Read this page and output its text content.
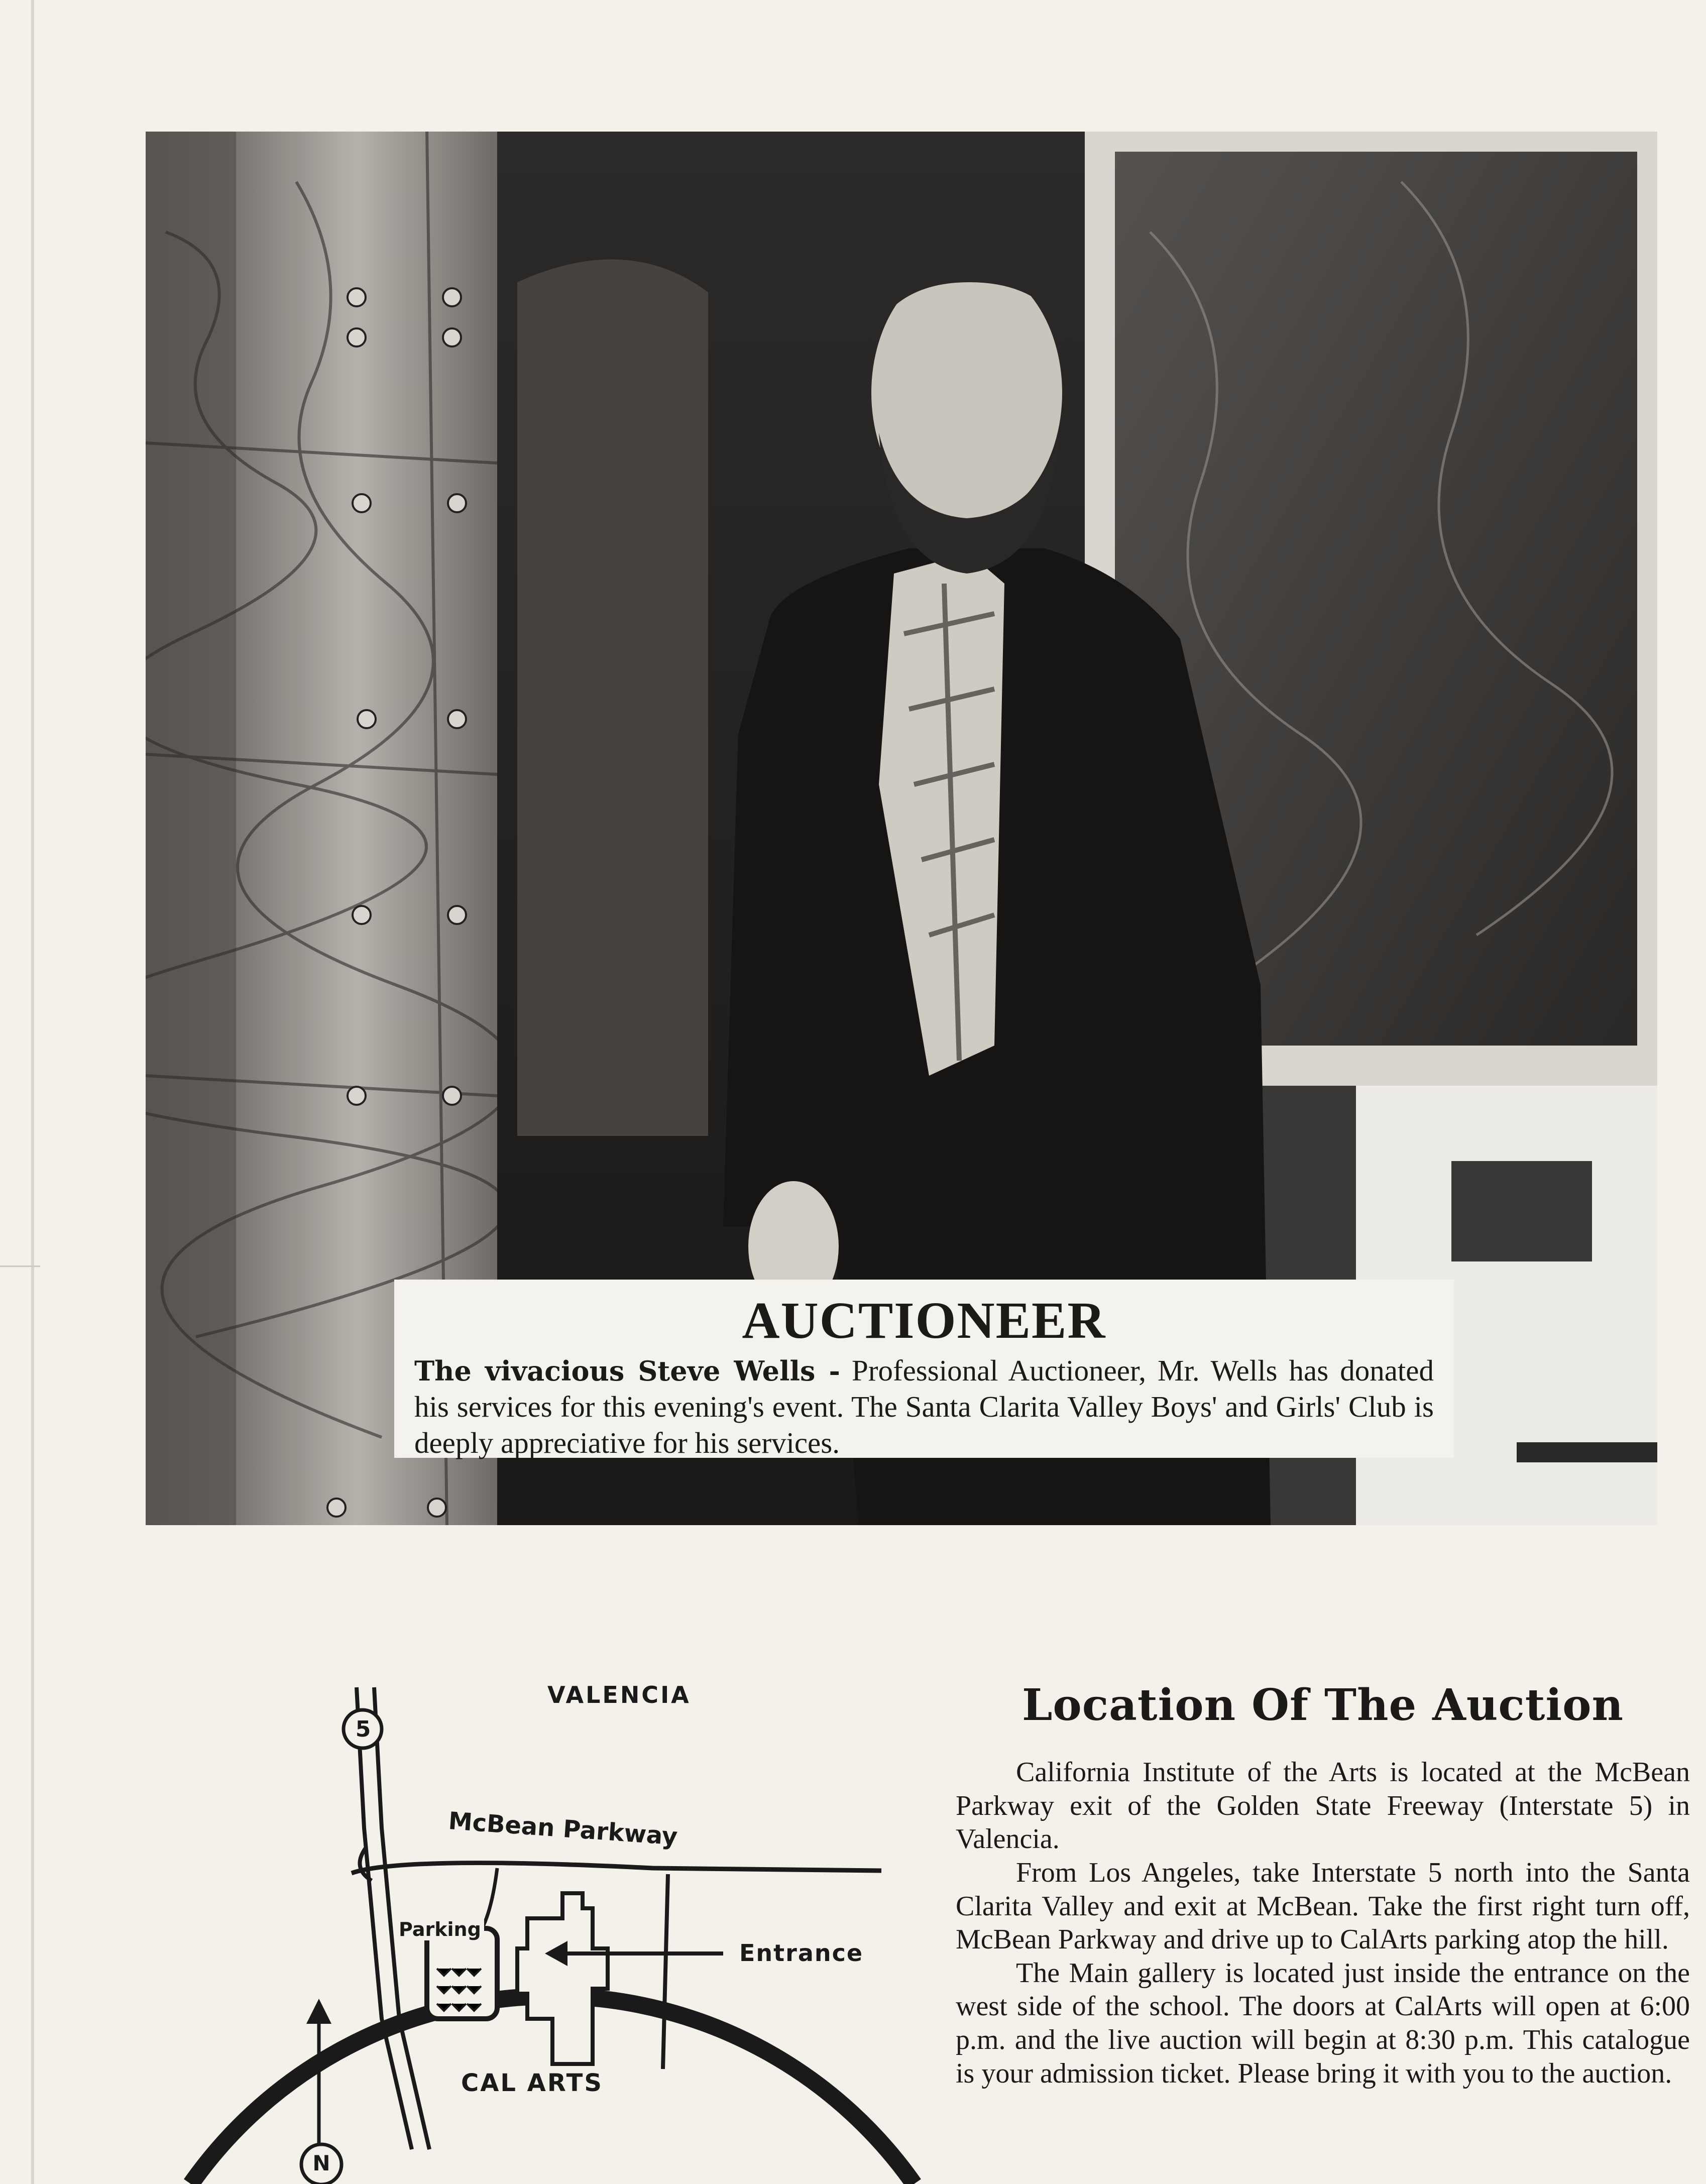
AUCTIONEER

The vivacious Steve Wells - Professional Auctioneer, Mr. Wells has donated his services for this evening's event. The Santa Clarita Valley Boys' and Girls' Club is deeply appreciative for his services.

VALENCIA
5
McBean Parkway
Parking
Entrance
CAL ARTS
N
Location Of The Auction

California Institute of the Arts is located at the McBean Parkway exit of the Golden State Freeway (Interstate 5) in Valencia.

From Los Angeles, take Interstate 5 north into the Santa Clarita Valley and exit at McBean. Take the first right turn off, McBean Parkway and drive up to CalArts parking atop the hill.

The Main gallery is located just inside the entrance on the west side of the school. The doors at CalArts will open at 6:00 p.m. and the live auction will begin at 8:30 p.m. This catalogue is your admission ticket. Please bring it with you to the auction.
